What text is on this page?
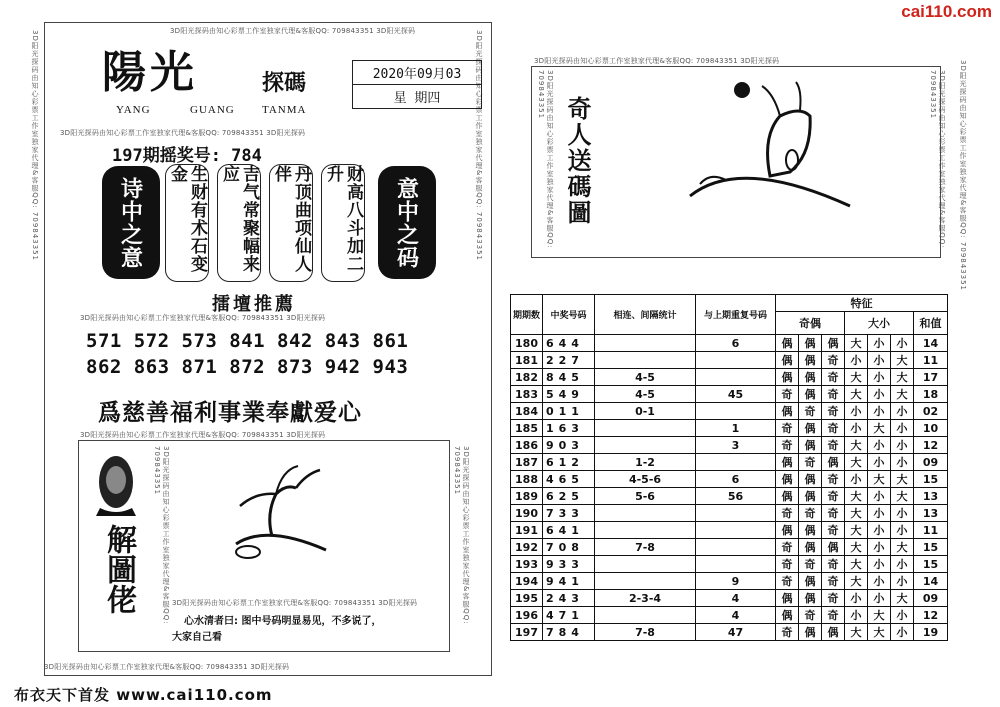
cai110.com
3D阳光探码由知心彩票工作室独家代理&客服QQ: 709843351	3D阳光探码由知心彩票工作室独家代理&客服QQ: 709843351
3D阳光探码由知心彩票工作室独家代理&客服QQ: 709843351 3D阳光探码
陽光	探碼
YANG	GUANG TANMA
2020年09月03
星 期四
3D阳光探码由知心彩票工作室独家代理&客服QQ: 709843351 3D阳光探码
197期摇奖号: 784
诗中之意	生财有术石变金	吉气常聚幅来应	丹顶曲项仙人伴	财高八斗加二升
意中之码
擂壇推薦
3D阳光探码由知心彩票工作室独家代理&客服QQ: 709843351 3D阳光探码
571 572 573 841 842 843 861
862 863 871 872 873 942 943
爲慈善福利事業奉獻爱心
3D阳光探码由知心彩票工作室独家代理&客服QQ: 709843351 3D阳光探码
3D阳光探码由知心彩票工作室独家代理&客服QQ: 709843351	3D阳光探码由知心彩票工作室独家代理&客服QQ: 709843351
解圖佬	3D阳光探码由知心彩票工作室独家代理&客服QQ: 709843351 3D阳光探码
心水清者曰: 图中号码明显易见，不多说了，
大家自己看
3D阳光探码由知心彩票工作室独家代理&客服QQ: 709843351 3D阳光探码
布衣天下首发 www.cai110.com
3D阳光探码由知心彩票工作室独家代理&客服QQ: 709843351 3D阳光探码
3D阳光探码由知心彩票工作室独家代理&客服QQ: 709843351	3D阳光探码由知心彩票工作室独家代理&客服QQ: 709843351	3D阳光探码由知心彩票工作室独家代理&客服QQ: 709843351
奇人送碼圖
期期数	中奖号码	相连、间隔统计	与上期重复号码	特征						
				奇偶			大小			和值
180	644		6	偶	偶	偶	大	小	小	14
181	227			偶	偶	奇	小	小	大	11
182	845	4-5		偶	偶	奇	大	小	大	17
183	549	4-5	45	奇	偶	奇	大	小	大	18
184	011	0-1		偶	奇	奇	小	小	小	02
185	163		1	奇	偶	奇	小	大	小	10
186	903		3	奇	偶	奇	大	小	小	12
187	612	1-2		偶	奇	偶	大	小	小	09
188	465	4-5-6	6	偶	偶	奇	小	大	大	15
189	625	5-6	56	偶	偶	奇	大	小	大	13
190	733			奇	奇	奇	大	小	小	13
191	641			偶	偶	奇	大	小	小	11
192	708	7-8		奇	偶	偶	大	小	大	15
193	933			奇	奇	奇	大	小	小	15
194	941		9	奇	偶	奇	大	小	小	14
195	243	2-3-4	4	偶	偶	奇	小	小	大	09
196	471		4	偶	奇	奇	小	大	小	12
197	784	7-8	47	奇	偶	偶	大	大	小	19
